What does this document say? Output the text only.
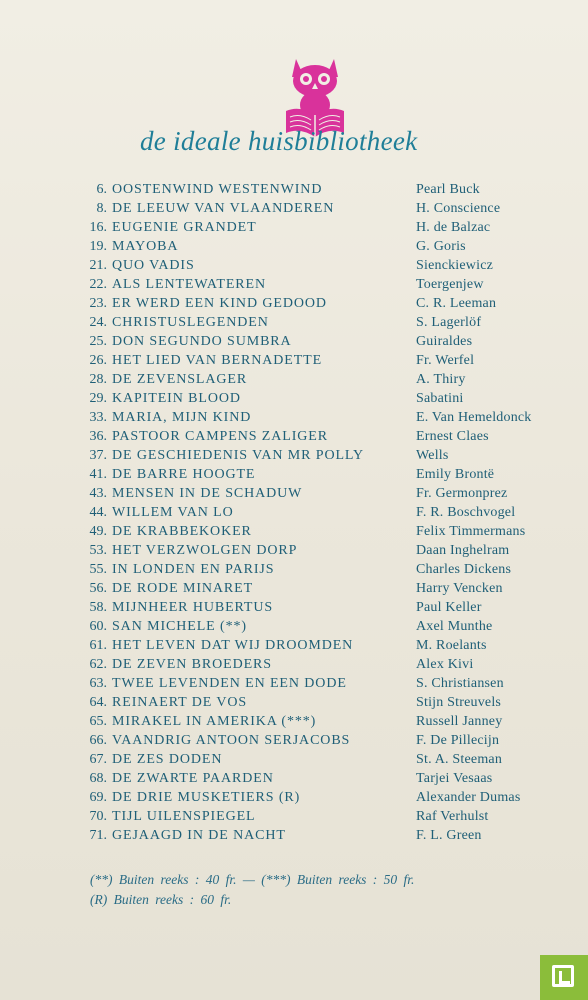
de ideale huisbibliotheek
6. OOSTENWIND WESTENWIND	Pearl Buck
8. DE LEEUW VAN VLAANDEREN	H. Conscience
16. EUGENIE GRANDET	H. de Balzac
19. MAYOBA	G. Goris
21. QUO VADIS	Sienckiewicz
22. ALS LENTEWATEREN	Toergenjew
23. ER WERD EEN KIND GEDOOD	C. R. Leeman
24. CHRISTUSLEGENDEN	S. Lagerlöf
25. DON SEGUNDO SUMBRA	Guiraldes
26. HET LIED VAN BERNADETTE	Fr. Werfel
28. DE ZEVENSLAGER	A. Thiry
29. KAPITEIN BLOOD	Sabatini
33. MARIA, MIJN KIND	E. Van Hemeldonck
36. PASTOOR CAMPENS ZALIGER	Ernest Claes
37. DE GESCHIEDENIS VAN MR POLLY	Wells
41. DE BARRE HOOGTE	Emily Brontë
43. MENSEN IN DE SCHADUW	Fr. Germonprez
44. WILLEM VAN LO	F. R. Boschvogel
49. DE KRABBEKOKER	Felix Timmermans
53. HET VERZWOLGEN DORP	Daan Inghelram
55. IN LONDEN EN PARIJS	Charles Dickens
56. DE RODE MINARET	Harry Vencken
58. MIJNHEER HUBERTUS	Paul Keller
60. SAN MICHELE (**)	Axel Munthe
61. HET LEVEN DAT WIJ DROOMDEN	M. Roelants
62. DE ZEVEN BROEDERS	Alex Kivi
63. TWEE LEVENDEN EN EEN DODE	S. Christiansen
64. REINAERT DE VOS	Stijn Streuvels
65. MIRAKEL IN AMERIKA (***)	Russell Janney
66. VAANDRIG ANTOON SERJACOBS	F. De Pillecijn
67. DE ZES DODEN	St. A. Steeman
68. DE ZWARTE PAARDEN	Tarjei Vesaas
69. DE DRIE MUSKETIERS (R)	Alexander Dumas
70. TIJL UILENSPIEGEL	Raf Verhulst
71. GEJAAGD IN DE NACHT	F. L. Green
(**) Buiten reeks : 40 fr. — (***) Buiten reeks : 50 fr.
(R) Buiten reeks : 60 fr.
